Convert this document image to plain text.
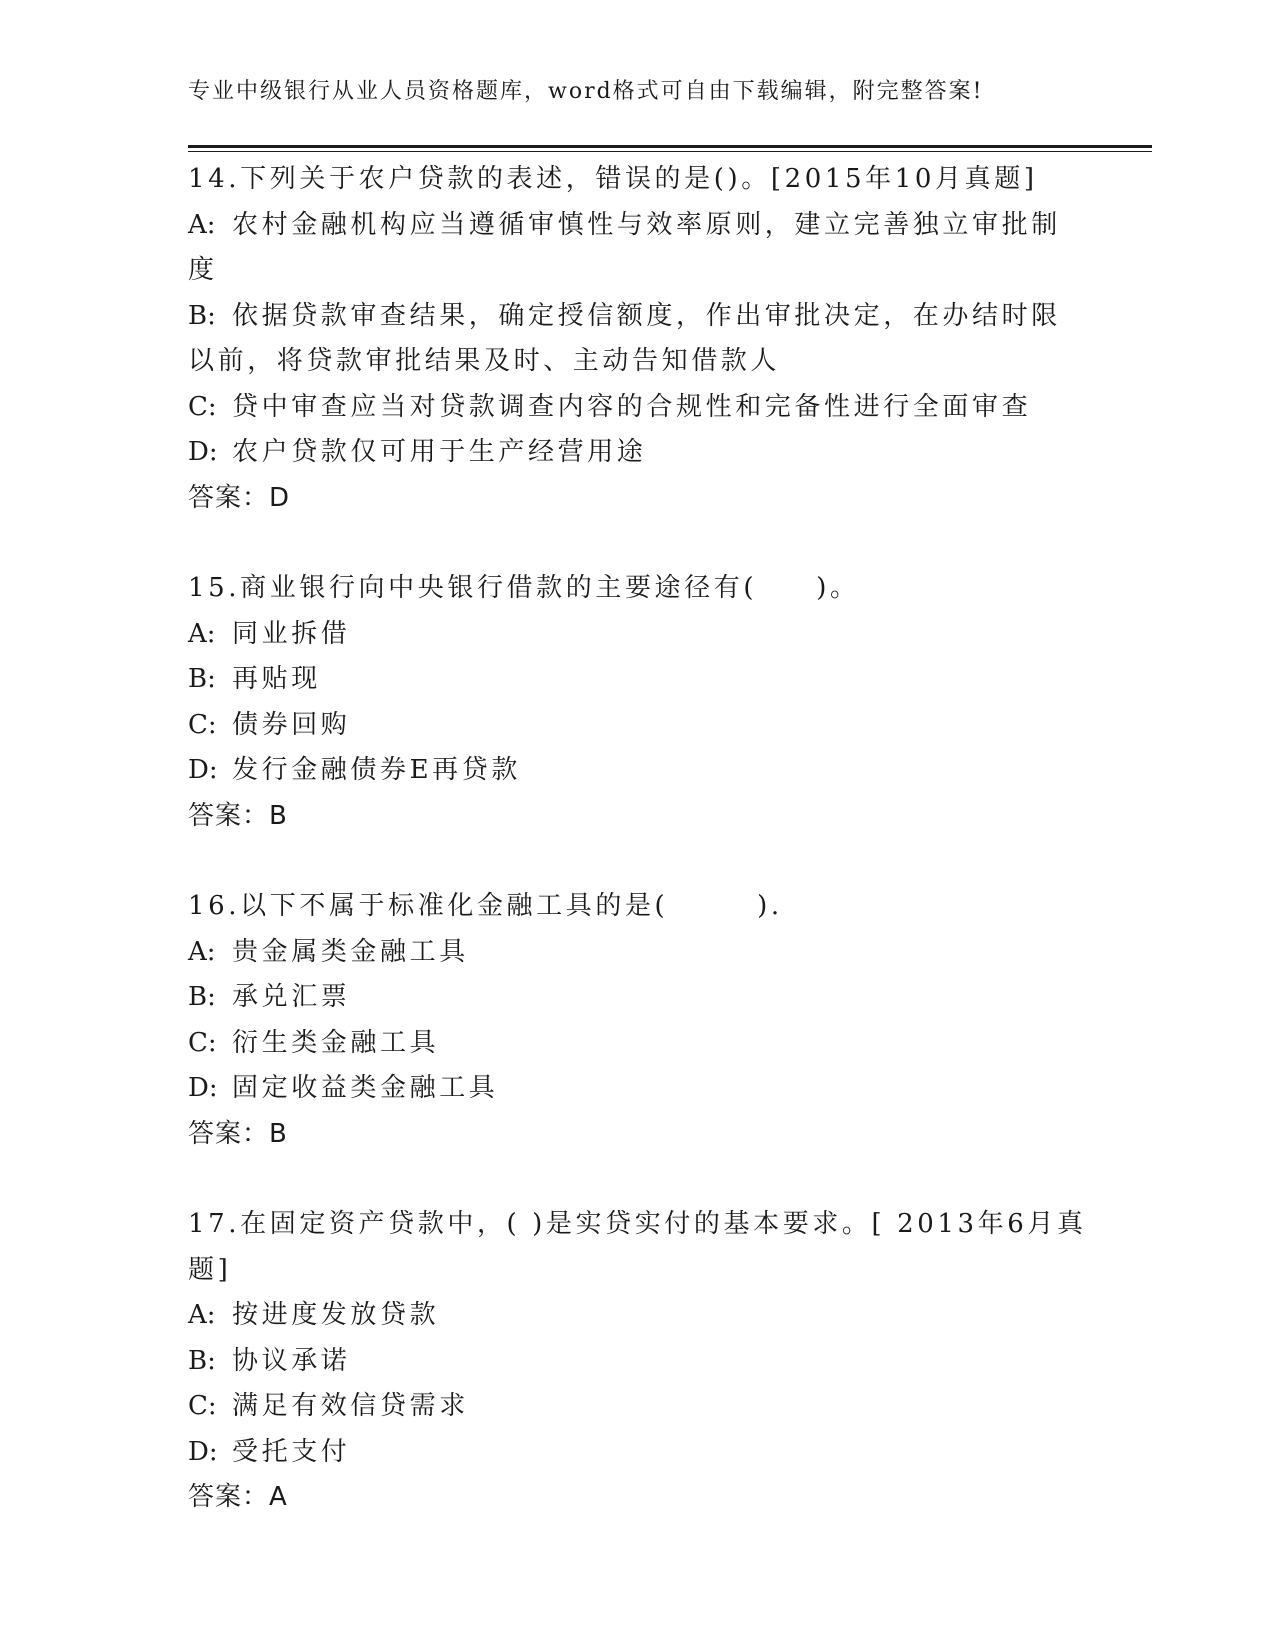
专业中级银行从业人员资格题库，word格式可自由下载编辑，附完整答案!
14.下列关于农户贷款的表述，错误的是()。[2015年10月真题]
A: 农村金融机构应当遵循审慎性与效率原则，建立完善独立审批制度
B: 依据贷款审查结果，确定授信额度，作出审批决定，在办结时限以前，将贷款审批结果及时、主动告知借款人
C: 贷中审查应当对贷款调查内容的合规性和完备性进行全面审查
D: 农户贷款仅可用于生产经营用途
答案：D
15.商业银行向中央银行借款的主要途径有(　　)。
A: 同业拆借
B: 再贴现
C: 债券回购
D: 发行金融债券E再贷款
答案：B
16.以下不属于标准化金融工具的是(　　　).
A: 贵金属类金融工具
B: 承兑汇票
C: 衍生类金融工具
D: 固定收益类金融工具
答案：B
17.在固定资产贷款中，( )是实贷实付的基本要求。[ 2013年6月真题]
A: 按进度发放贷款
B: 协议承诺
C: 满足有效信贷需求
D: 受托支付
答案：A
